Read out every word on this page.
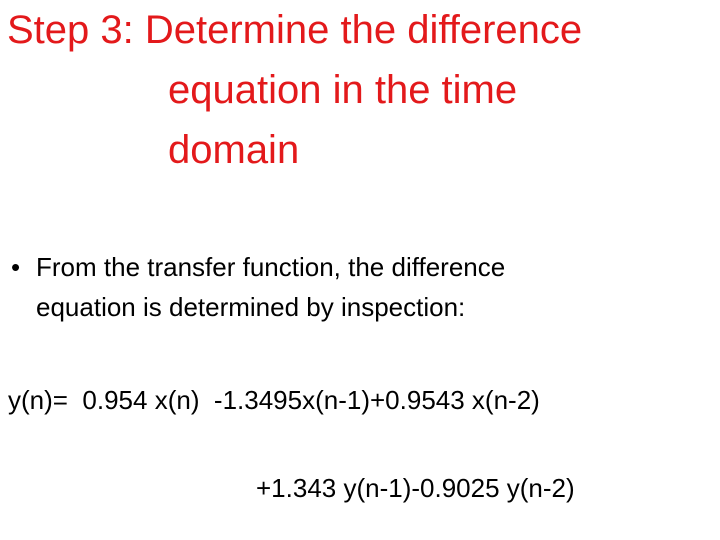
Step 3: Determine the difference
equation in the time
domain
• From the transfer function, the difference
equation is determined by inspection:
y(n)=  0.954 x(n)  -1.3495x(n-1)+0.9543 x(n-2)
+1.343 y(n-1)-0.9025 y(n-2)
